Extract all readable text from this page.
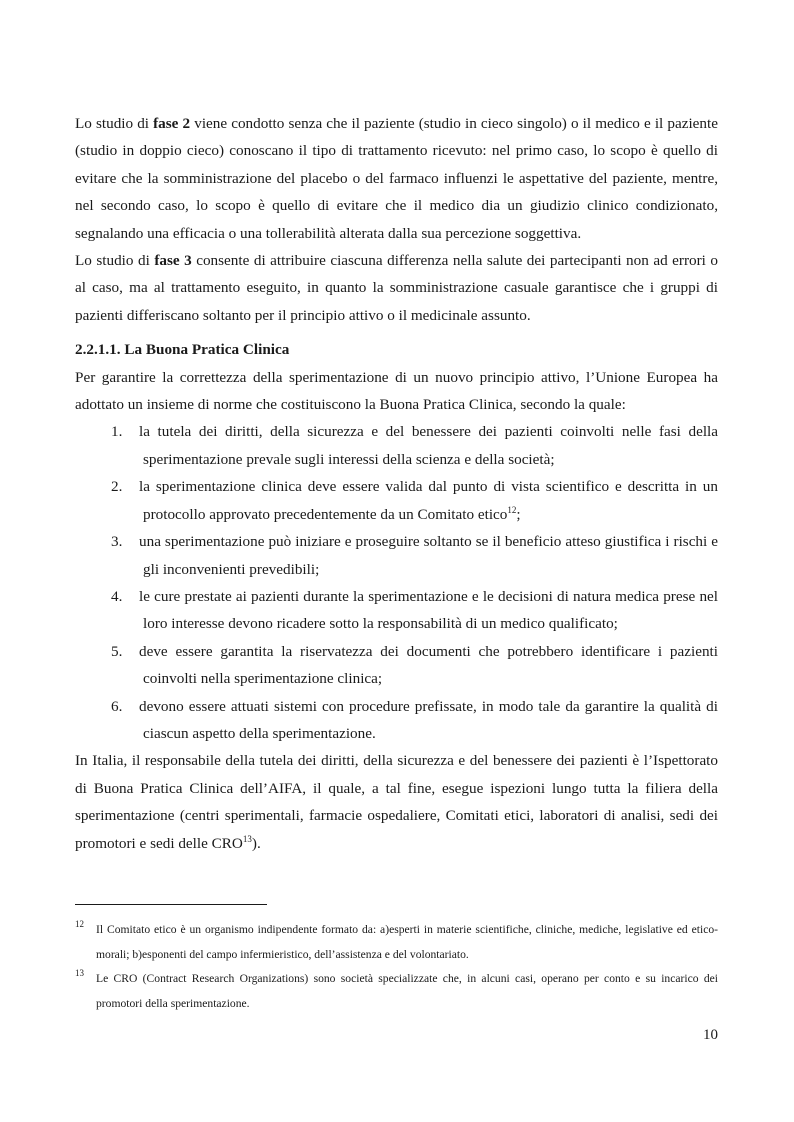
Lo studio di fase 2 viene condotto senza che il paziente (studio in cieco singolo) o il medico e il paziente (studio in doppio cieco) conoscano il tipo di trattamento ricevuto: nel primo caso, lo scopo è quello di evitare che la somministrazione del placebo o del farmaco influenzi le aspettative del paziente, mentre, nel secondo caso, lo scopo è quello di evitare che il medico dia un giudizio clinico condizionato, segnalando una efficacia o una tollerabilità alterata dalla sua percezione soggettiva.

Lo studio di fase 3 consente di attribuire ciascuna differenza nella salute dei partecipanti non ad errori o al caso, ma al trattamento eseguito, in quanto la somministrazione casuale garantisce che i gruppi di pazienti differiscano soltanto per il principio attivo o il medicinale assunto.

2.2.1.1. La Buona Pratica Clinica

Per garantire la correttezza della sperimentazione di un nuovo principio attivo, l’Unione Europea ha adottato un insieme di norme che costituiscono la Buona Pratica Clinica, secondo la quale:

1. la tutela dei diritti, della sicurezza e del benessere dei pazienti coinvolti nelle fasi della sperimentazione prevale sugli interessi della scienza e della società;
2. la sperimentazione clinica deve essere valida dal punto di vista scientifico e descritta in un protocollo approvato precedentemente da un Comitato etico$^{12}$;
3. una sperimentazione può iniziare e proseguire soltanto se il beneficio atteso giustifica i rischi e gli inconvenienti prevedibili;
4. le cure prestate ai pazienti durante la sperimentazione e le decisioni di natura medica prese nel loro interesse devono ricadere sotto la responsabilità di un medico qualificato;
5. deve essere garantita la riservatezza dei documenti che potrebbero identificare i pazienti coinvolti nella sperimentazione clinica;
6. devono essere attuati sistemi con procedure prefissate, in modo tale da garantire la qualità di ciascun aspetto della sperimentazione.

In Italia, il responsabile della tutela dei diritti, della sicurezza e del benessere dei pazienti è l’Ispettorato di Buona Pratica Clinica dell’AIFA, il quale, a tal fine, esegue ispezioni lungo tutta la filiera della sperimentazione (centri sperimentali, farmacie ospedaliere, Comitati etici, laboratori di analisi, sedi dei promotori e sedi delle CRO$^{13}$).

12 Il Comitato etico è un organismo indipendente formato da: a)esperti in materie scientifiche, cliniche, mediche, legislative ed etico-morali; b)esponenti del campo infermieristico, dell’assistenza e del volontariato.
13 Le CRO (Contract Research Organizations) sono società specializzate che, in alcuni casi, operano per conto e su incarico dei promotori della sperimentazione.
10
